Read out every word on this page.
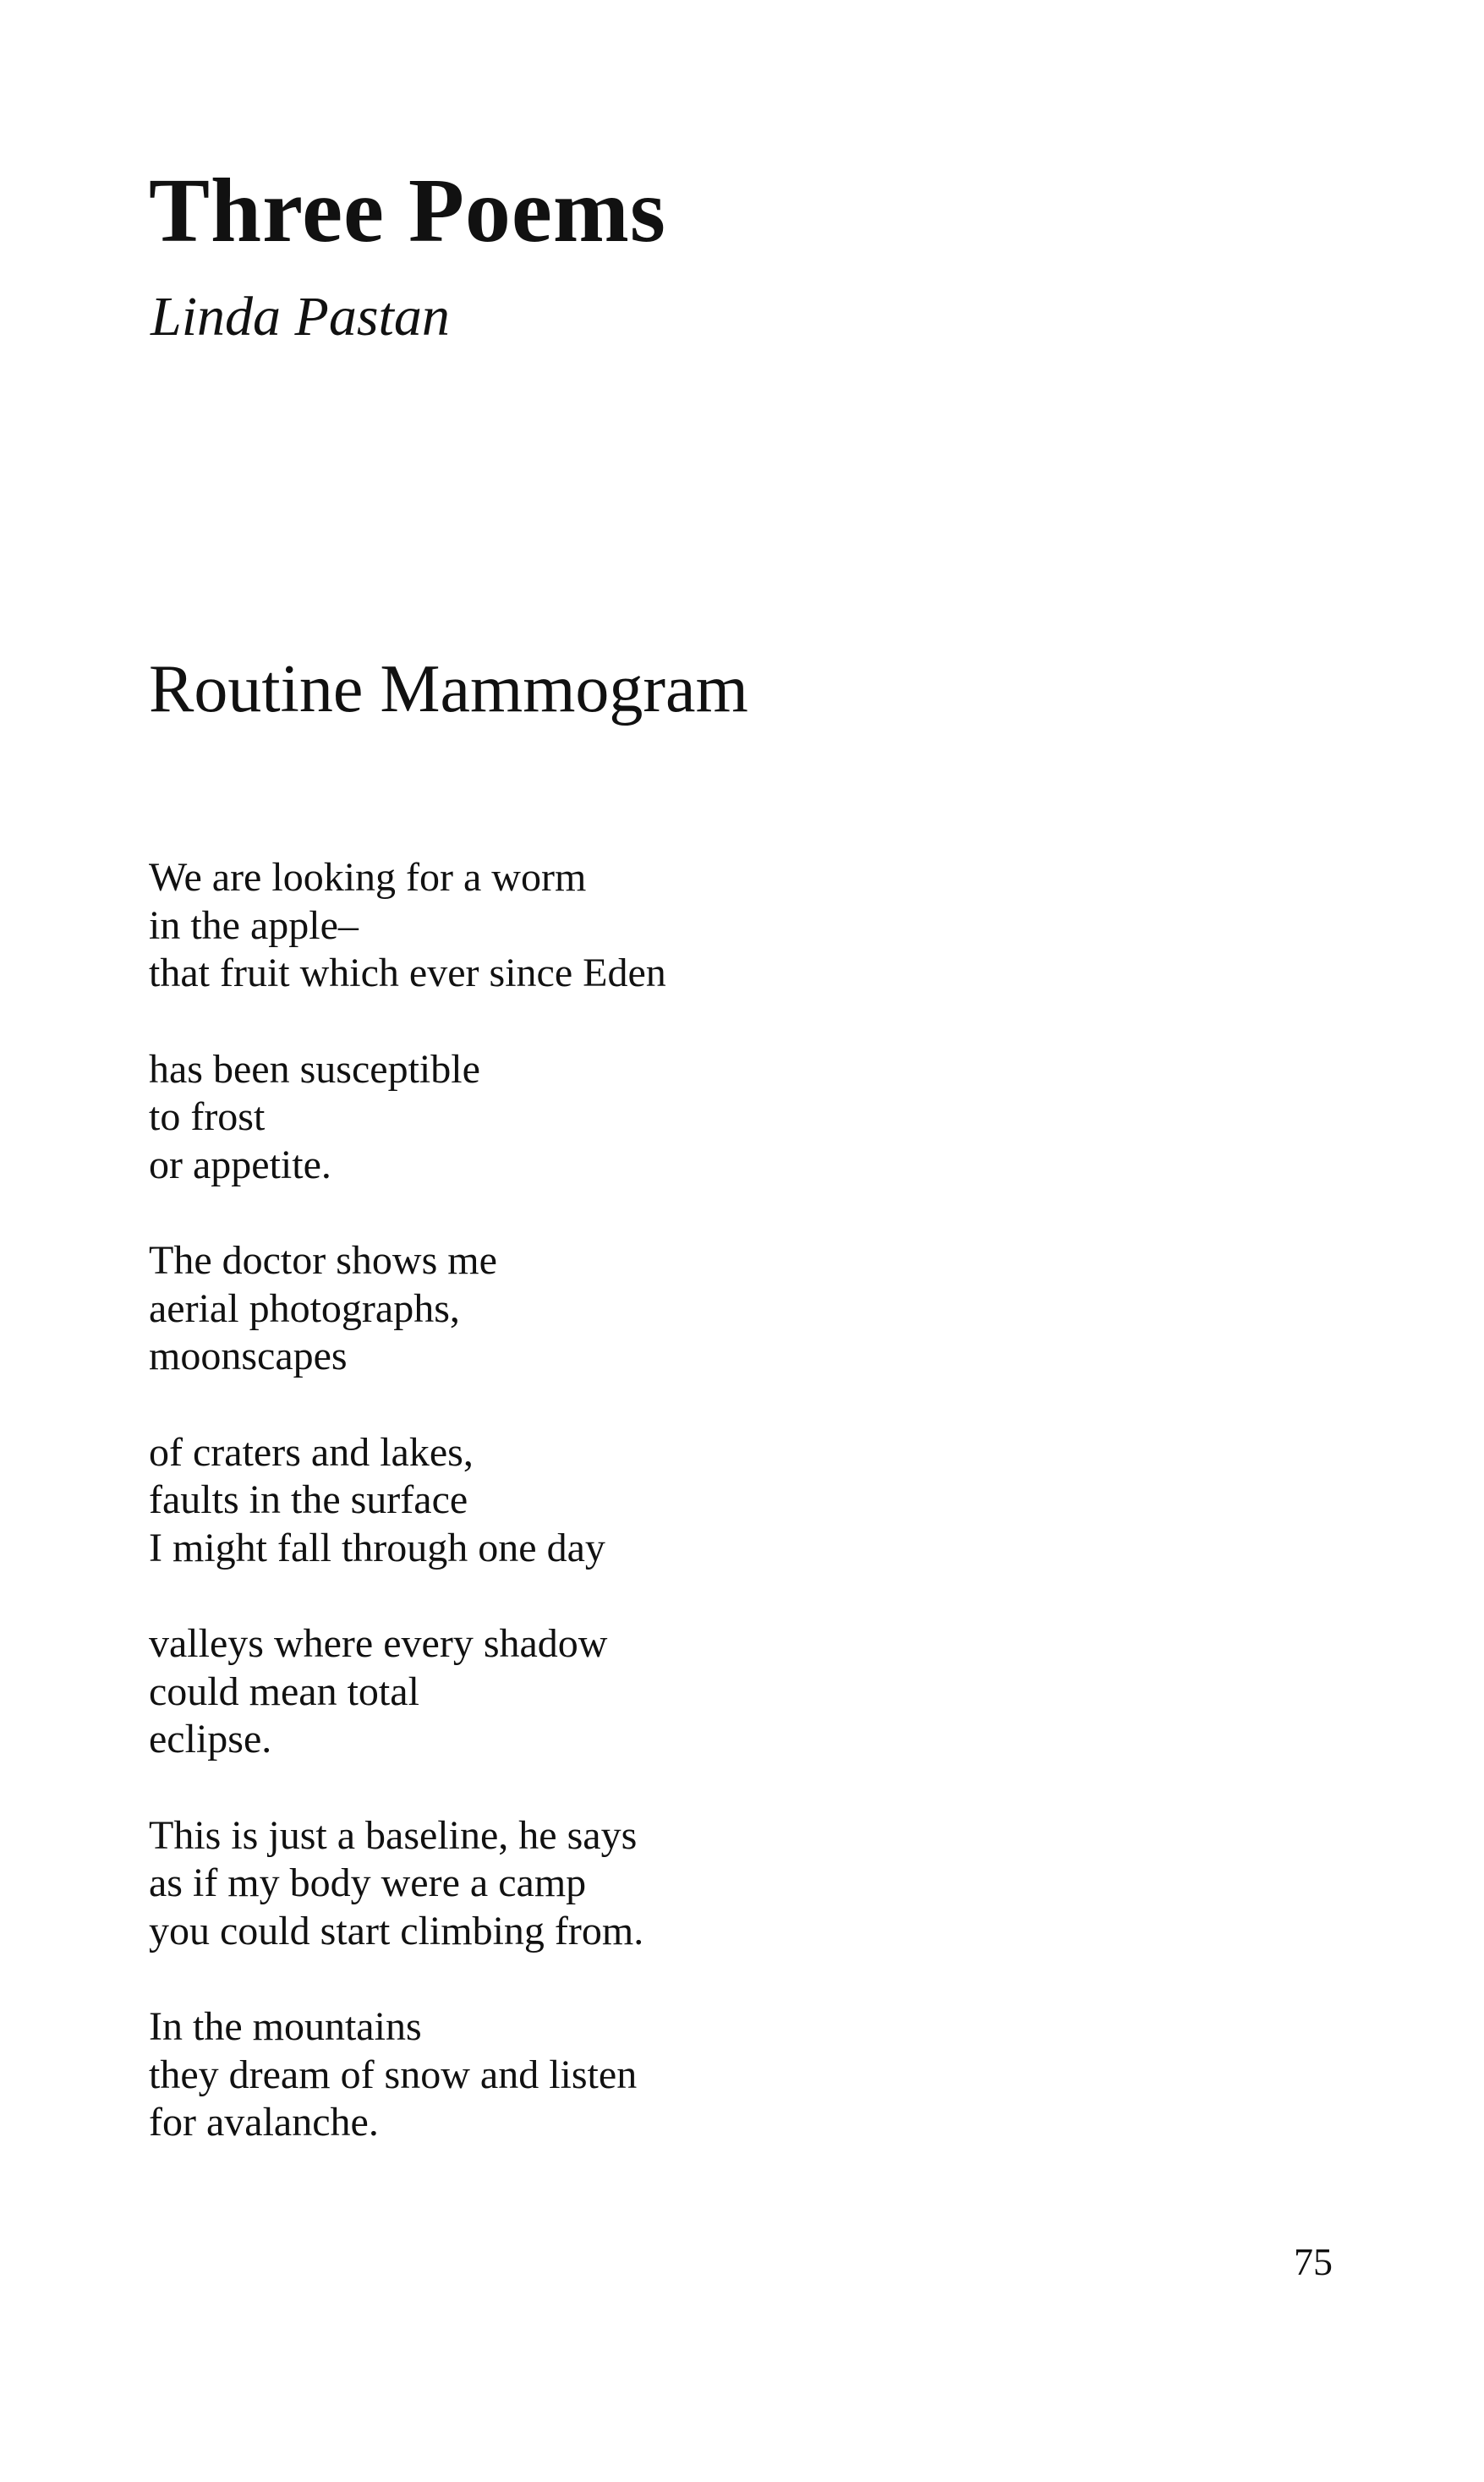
Three Poems
Linda Pastan
Routine Mammogram

We are looking for a worm
in the apple–
that fruit which ever since Eden

has been susceptible
to frost
or appetite.

The doctor shows me
aerial photographs,
moonscapes

of craters and lakes,
faults in the surface
I might fall through one day

valleys where every shadow
could mean total
eclipse.

This is just a baseline, he says
as if my body were a camp
you could start climbing from.

In the mountains
they dream of snow and listen
for avalanche.

75
